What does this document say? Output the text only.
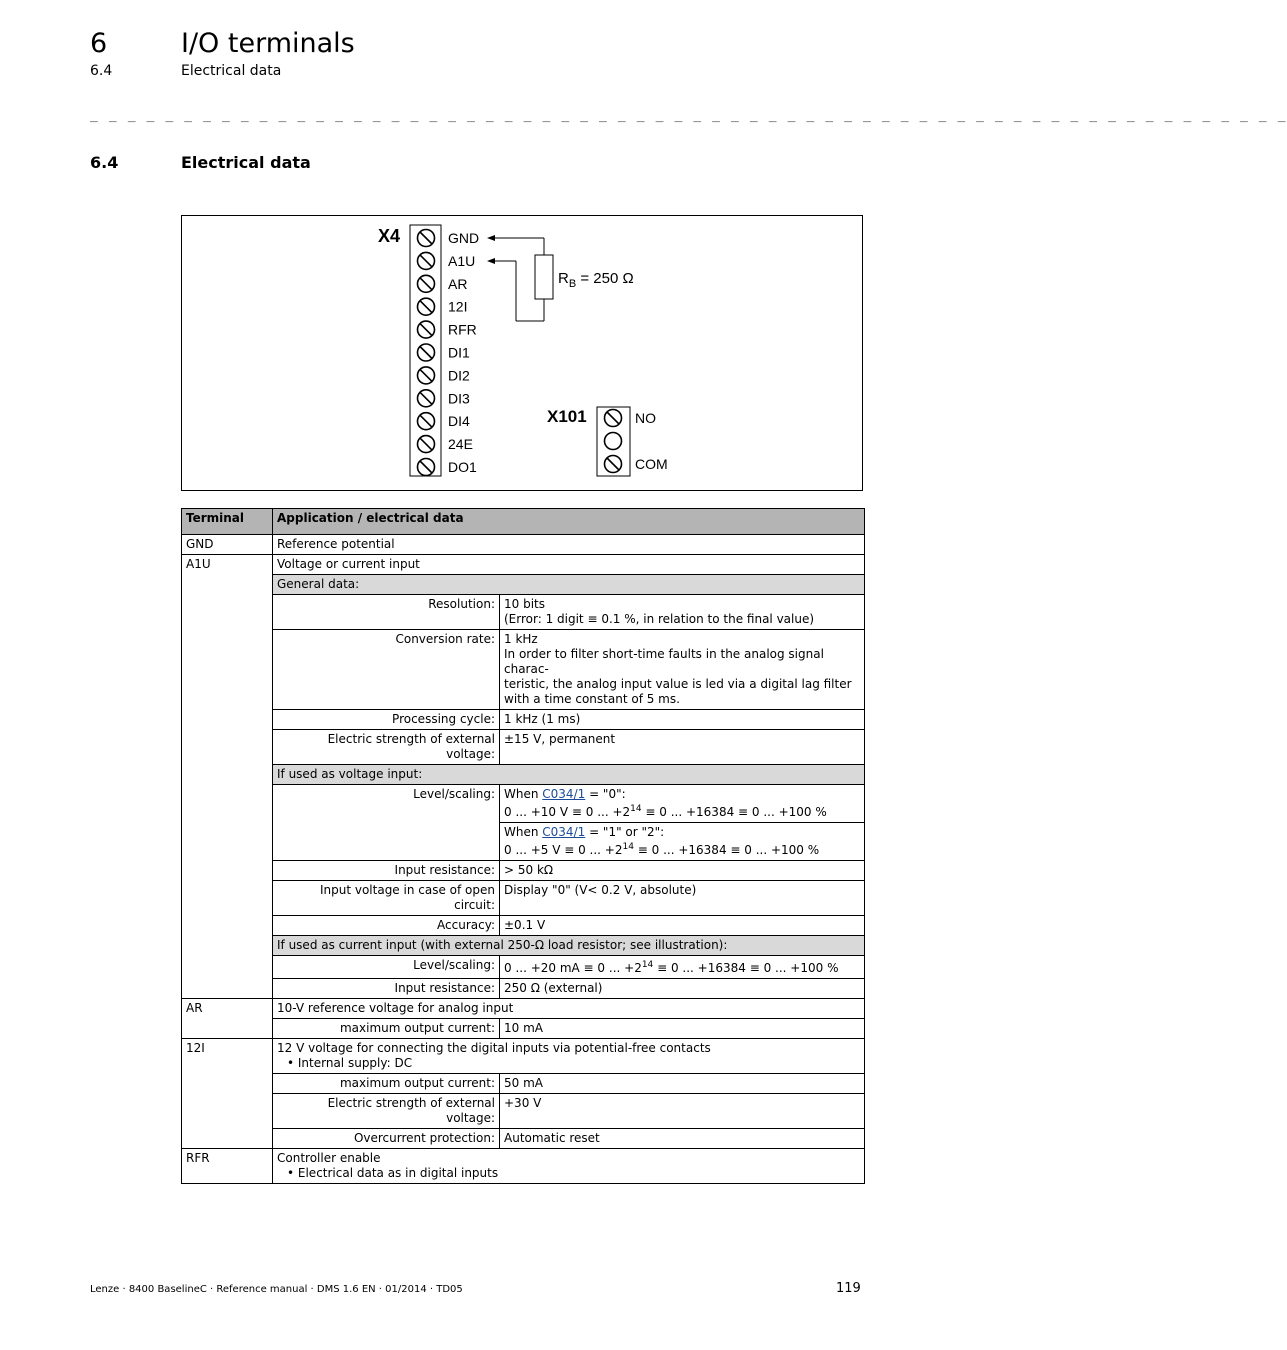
6	I/O terminals
6.4	Electrical data
_ _ _ _ _ _ _ _ _ _ _ _ _ _ _ _ _ _ _ _ _ _ _ _ _ _ _ _ _ _ _ _ _ _ _ _ _ _ _ _ _ _ _ _ _ _ _ _ _ _ _ _ _ _ _ _ _ _ _ _ _ _ _ _
6.4	Electrical data
X4	GND
A1U
AR
12I
RFR
DI1
DI2
DI3
DI4
24E
DO1
$R_B = 250$ Ω
X101	NO
COM
Terminal	Application / electrical data	
GND	Reference potential	
A1U	Voltage or current input	
	General data:	
	Resolution:	10 bits
(Error: 1 digit ≡ 0.1 %, in relation to the final value)

	Conversion rate:	1 kHz
In order to filter short-time faults in the analog signal charac-
teristic, the analog input value is led via a digital lag filter
with a time constant of 5 ms.

	Processing cycle:	1 kHz (1 ms)
	Electric strength of external voltage:	±15 V, permanent
	If used as voltage input:	
	Level/scaling:	When C034/1 = "0":
0 ... +10 V ≡ 0 ... $+2^{14} \equiv 0$ ... +16384 ≡ 0 ... +100 %

		When C034/1 = "1" or "2":
0 ... +5 V ≡ 0 ... $+2^{14} \equiv 0$ ... +16384 ≡ 0 ... +100 %

	Input resistance:	> 50 kΩ
	Input voltage in case of open circuit:	Display "0" (V< 0.2 V, absolute)
	Accuracy:	±0.1 V
	If used as current input (with external 250-Ω load resistor; see illustration):	
	Level/scaling:	0 ... +20 mA ≡ 0 ... $+2^{14} \equiv 0$ ... +16384 ≡ 0 ... +100 %
	Input resistance:	250 Ω (external)
AR	10-V reference voltage for analog input	
	maximum output current:	10 mA
12I	12 V voltage for connecting the digital inputs via potential-free contacts
• Internal supply: DC	

	maximum output current:	50 mA
	Electric strength of external voltage:	+30 V
	Overcurrent protection:	Automatic reset
RFR	Controller enable
• Electrical data as in digital inputs	
Lenze · 8400 BaselineC · Reference manual · DMS 1.6 EN · 01/2014 · TD05	119
